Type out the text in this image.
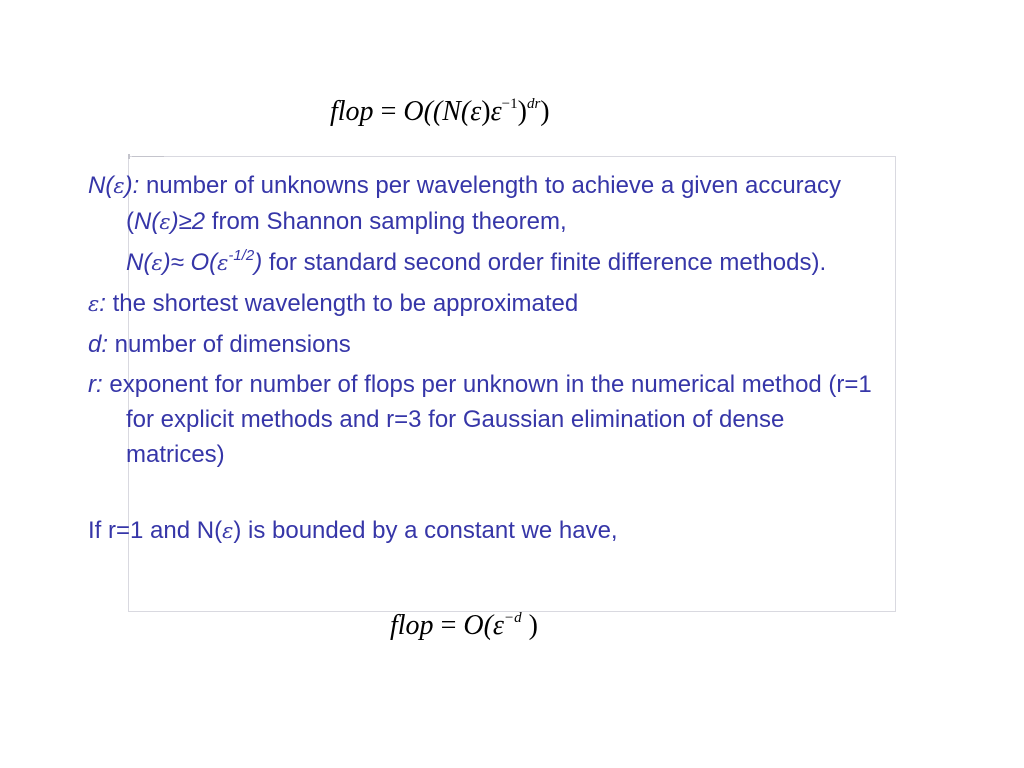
flop = $O((N(\varepsilon)\varepsilon^{-1})^{dr})$

N(ε): number of unknowns per wavelength to achieve a given accuracy (N(ε)≥2 from Shannon sampling theorem,

$N(\varepsilon)\approx O(\varepsilon^{-1/2})$ for standard second order finite difference methods).

ε: the shortest wavelength to be approximated

d: number of dimensions

r: exponent for number of flops per unknown in the numerical method (r=1 for explicit methods and r=3 for Gaussian elimination of dense matrices)

If r=1 and N(ε) is bounded by a constant we have,

flop = $O(\varepsilon^{-d}$ )
